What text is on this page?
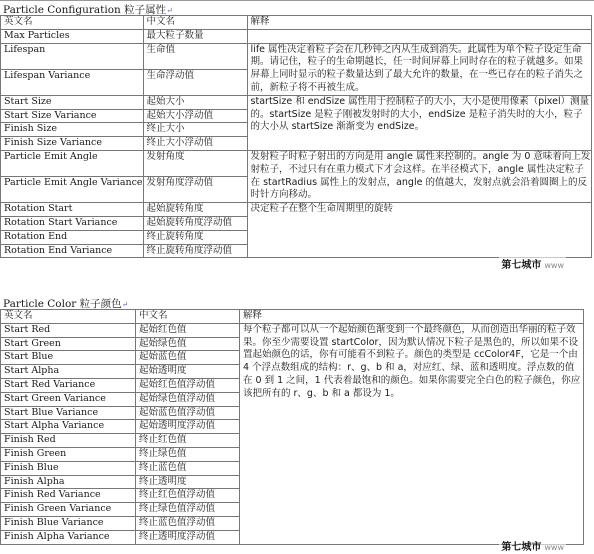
Particle Configuration 粒子属性↵
英文名	中文名	解释
Max Particles	最大粒子数量	
Lifespan	生命值	life 属性决定着粒子会在几秒钟之内从生成到消失。此属性为单个粒子设定生命期。请记住，粒子的生命期越长，任一时间屏幕上同时存在的粒子就越多。如果屏幕上同时显示的粒子数量达到了最大允许的数量，在一些已存在的粒子消失之前，新粒子将不再被生成。
Lifespan Variance	生命浮动值	
Start Size	起始大小	startSize 和 endSize 属性用于控制粒子的大小，大小是使用像素（pixel）测量的。startSize 是粒子刚被发射时的大小，endSize 是粒子消失时的大小，粒子的大小从 startSize 渐渐变为 endSize。
Start Size Variance	起始大小浮动值	
Finish Size	终止大小	
Finish Size Variance	终止大小浮动值	
Particle Emit Angle	发射角度	发射粒子时粒子射出的方向是用 angle 属性来控制的。angle 为 0 意味着向上发射粒子，不过只有在重力模式下才会这样。在半径模式下，angle 属性决定粒子在 startRadius 属性上的发射点，angle 的值越大，发射点就会沿着圆圈上的反时针方向移动。
Particle Emit Angle Variance	发射角度浮动值	
Rotation Start	起始旋转角度	决定粒子在整个生命周期里的旋转
Rotation Start Variance	起始旋转角度浮动值	
Rotation End	终止旋转角度	
Rotation End Variance	终止旋转角度浮动值	
第七城市 www
Particle Color 粒子颜色↵
英文名	中文名	解释
Start Red	起始红色值	每个粒子都可以从一个起始颜色渐变到一个最终颜色，从而创造出华丽的粒子效果。你至少需要设置 startColor，因为默认情况下粒子是黑色的，所以如果不设置起始颜色的话，你有可能看不到粒子。颜色的类型是 ccColor4F，它是一个由 4 个浮点数组成的结构：r、g、b 和 a，对应红、绿、蓝和透明度。浮点数的值在 0 到 1 之间，1 代表着最饱和的颜色。如果你需要完全白色的粒子颜色，你应该把所有的 r、g、b 和 a 都设为 1。
Start Green	起始绿色值	
Start Blue	起始蓝色值	
Start Alpha	起始透明度	
Start Red Variance	起始红色值浮动值	
Start Green Variance	起始绿色值浮动值	
Start Blue Variance	起始蓝色值浮动值	
Start Alpha Variance	起始透明度浮动值	
Finish Red	终止红色值	
Finish Green	终止绿色值	
Finish Blue	终止蓝色值	
Finish Alpha	终止透明度	
Finish Red Variance	终止红色值浮动值	
Finish Green Variance	终止绿色值浮动值	
Finish Blue Variance	终止蓝色值浮动值	
Finish Alpha Variance	终止透明度浮动值	
第七城市 www
